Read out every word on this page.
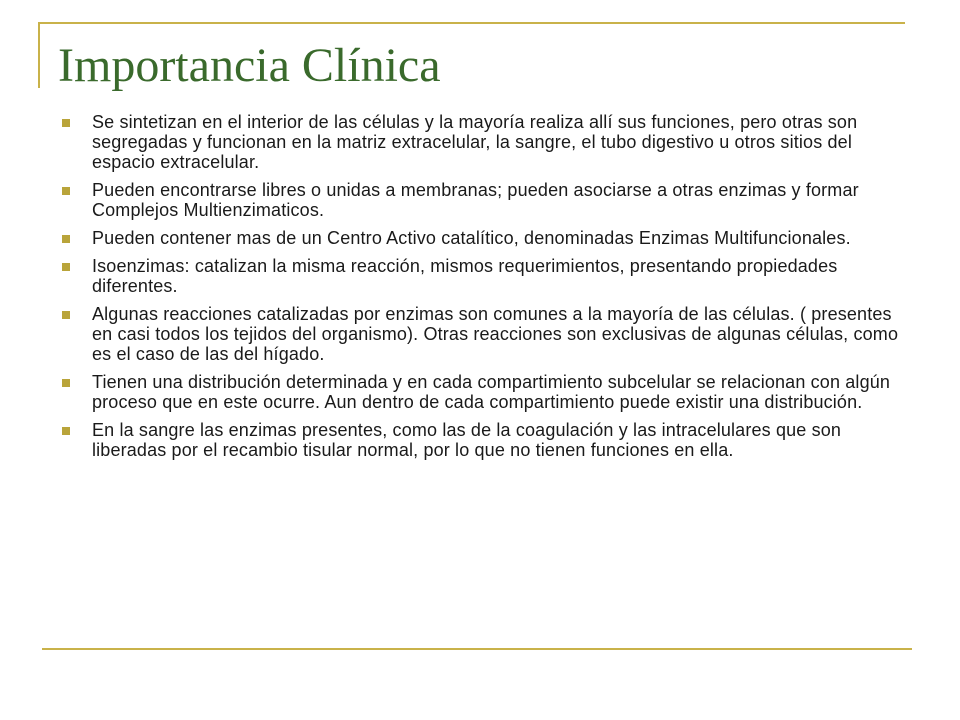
Importancia Clínica
Se sintetizan en el interior de las células y la mayoría realiza allí sus funciones, pero otras son segregadas y funcionan en la matriz extracelular, la sangre, el tubo digestivo u otros sitios del espacio extracelular.
Pueden encontrarse libres o unidas a membranas; pueden asociarse a otras enzimas y formar Complejos Multienzimaticos.
Pueden contener mas de un Centro Activo catalítico, denominadas Enzimas Multifuncionales.
Isoenzimas: catalizan la misma reacción, mismos requerimientos, presentando propiedades diferentes.
Algunas reacciones catalizadas por enzimas son comunes a la mayoría de las células. ( presentes en casi todos los tejidos del organismo). Otras reacciones son exclusivas de algunas células, como es el caso de las del hígado.
Tienen una distribución determinada y en cada compartimiento subcelular se relacionan con algún proceso que en este ocurre. Aun dentro de cada compartimiento puede existir una distribución.
En la sangre las enzimas presentes, como las de la coagulación y las intracelulares que son liberadas por el recambio tisular normal, por lo que no tienen funciones en ella.
